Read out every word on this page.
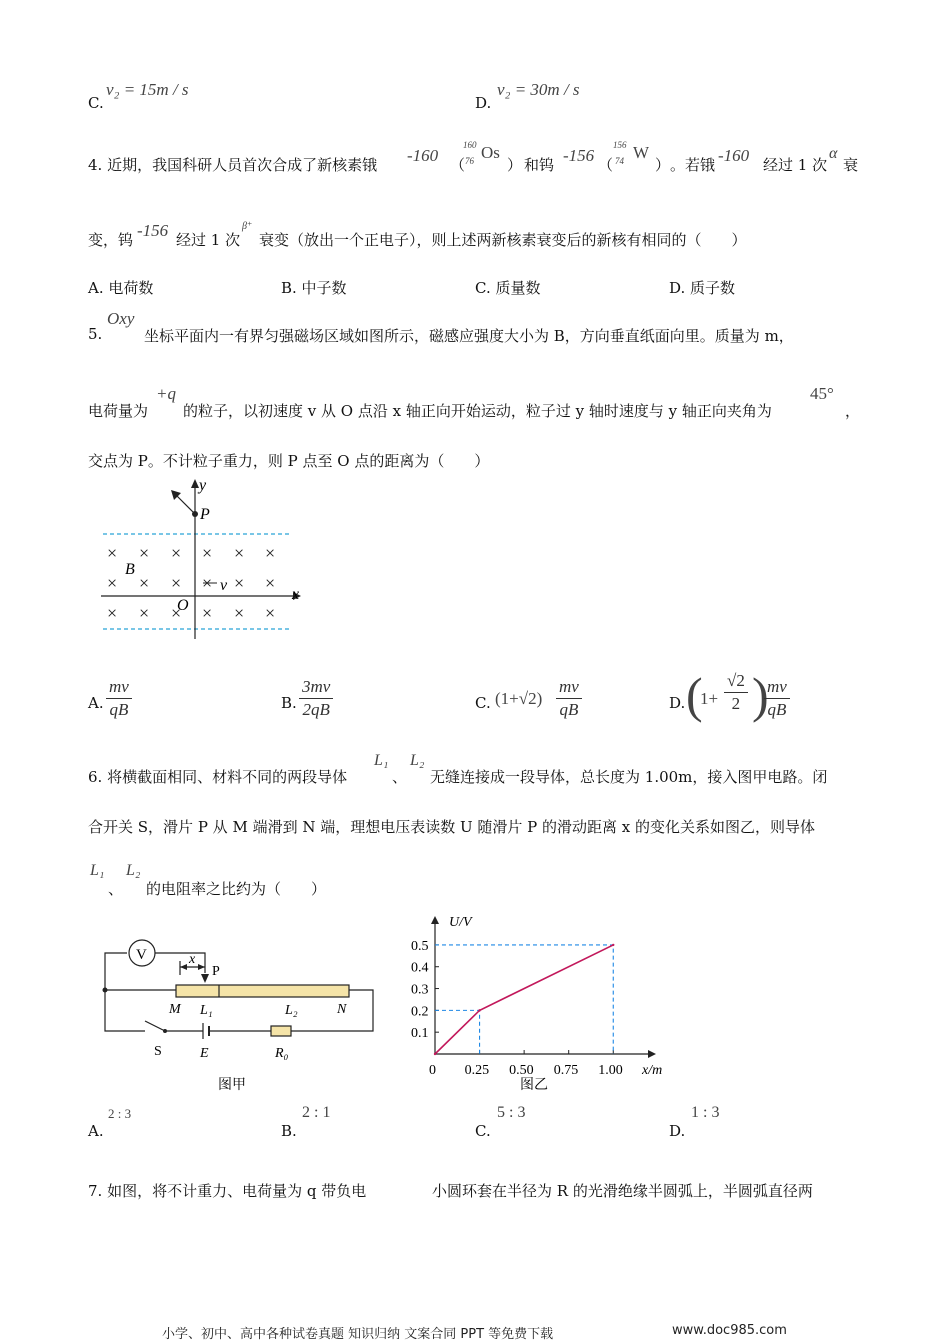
C.
v₂ = 15m / s
D.
v₂ = 30m / s
4. 近期，我国科研人员首次合成了新核素锇 -160 （
160
76 Os
） 和钨 -156 （
156
74 W
） 。若锇 -160 经过 1 次
α
衰
变，钨 -156 经过 1 次
β⁺
衰变（放出一个正电子），则上述两新核素衰变后的新核有相同的（　　）
A. 电荷数	B. 中子数	C. 质量数	D. 质子数
5.
Oxy
坐标平面内一有界匀强磁场区域如图所示，磁感应强度大小为 B，方向垂直纸面向里。质量为 m，
电荷量为
+q
的粒子，以初速度 v 从 O 点沿 x 轴正向开始运动，粒子过 y 轴时速度与 y 轴正向夹角为
45°
，
交点为 P。不计粒子重力，则 P 点至 O 点的距离为（　　）
× × × × × ×
× × × × × ×
× × × × × ×
y
P
B
v
x
O
A. $\frac{mv}{qB}$	B. $\frac{3mv}{2qB}$	C. $(1+√2) \frac{mv}{qB}$	D. (
$1+ \frac{√2}{2}$ )
$\frac{mv}{qB}$
6. 将横截面相同、材料不同的两段导体
L₁
、
L₂
无缝连接成一段导体，总长度为 1.00m，接入图甲电路。闭
合开关 S，滑片 P 从 M 端滑到 N 端，理想电压表读数 U 随滑片 P 的滑动距离 x 的变化关系如图乙，则导体
L₁
、
L₂
的电阻率之比约为（　　）
V	x
P
M L₁	L₂	N
S	E	R₀
图甲
U/V
x/m
0 0.25 0.50 0.75 1.00
0.1
0.2
0.3
0.4
0.5
图乙
A.
2 : 3
B.
2 : 1
C.
5 : 3
D.
1 : 3
7. 如图，将不计重力、电荷量为 q 带负电	小圆环套在半径为 R 的光滑绝缘半圆弧上，半圆弧直径两
小学、初中、高中各种试卷真题 知识归纳 文案合同 PPT 等免费下载	www.doc985.com
